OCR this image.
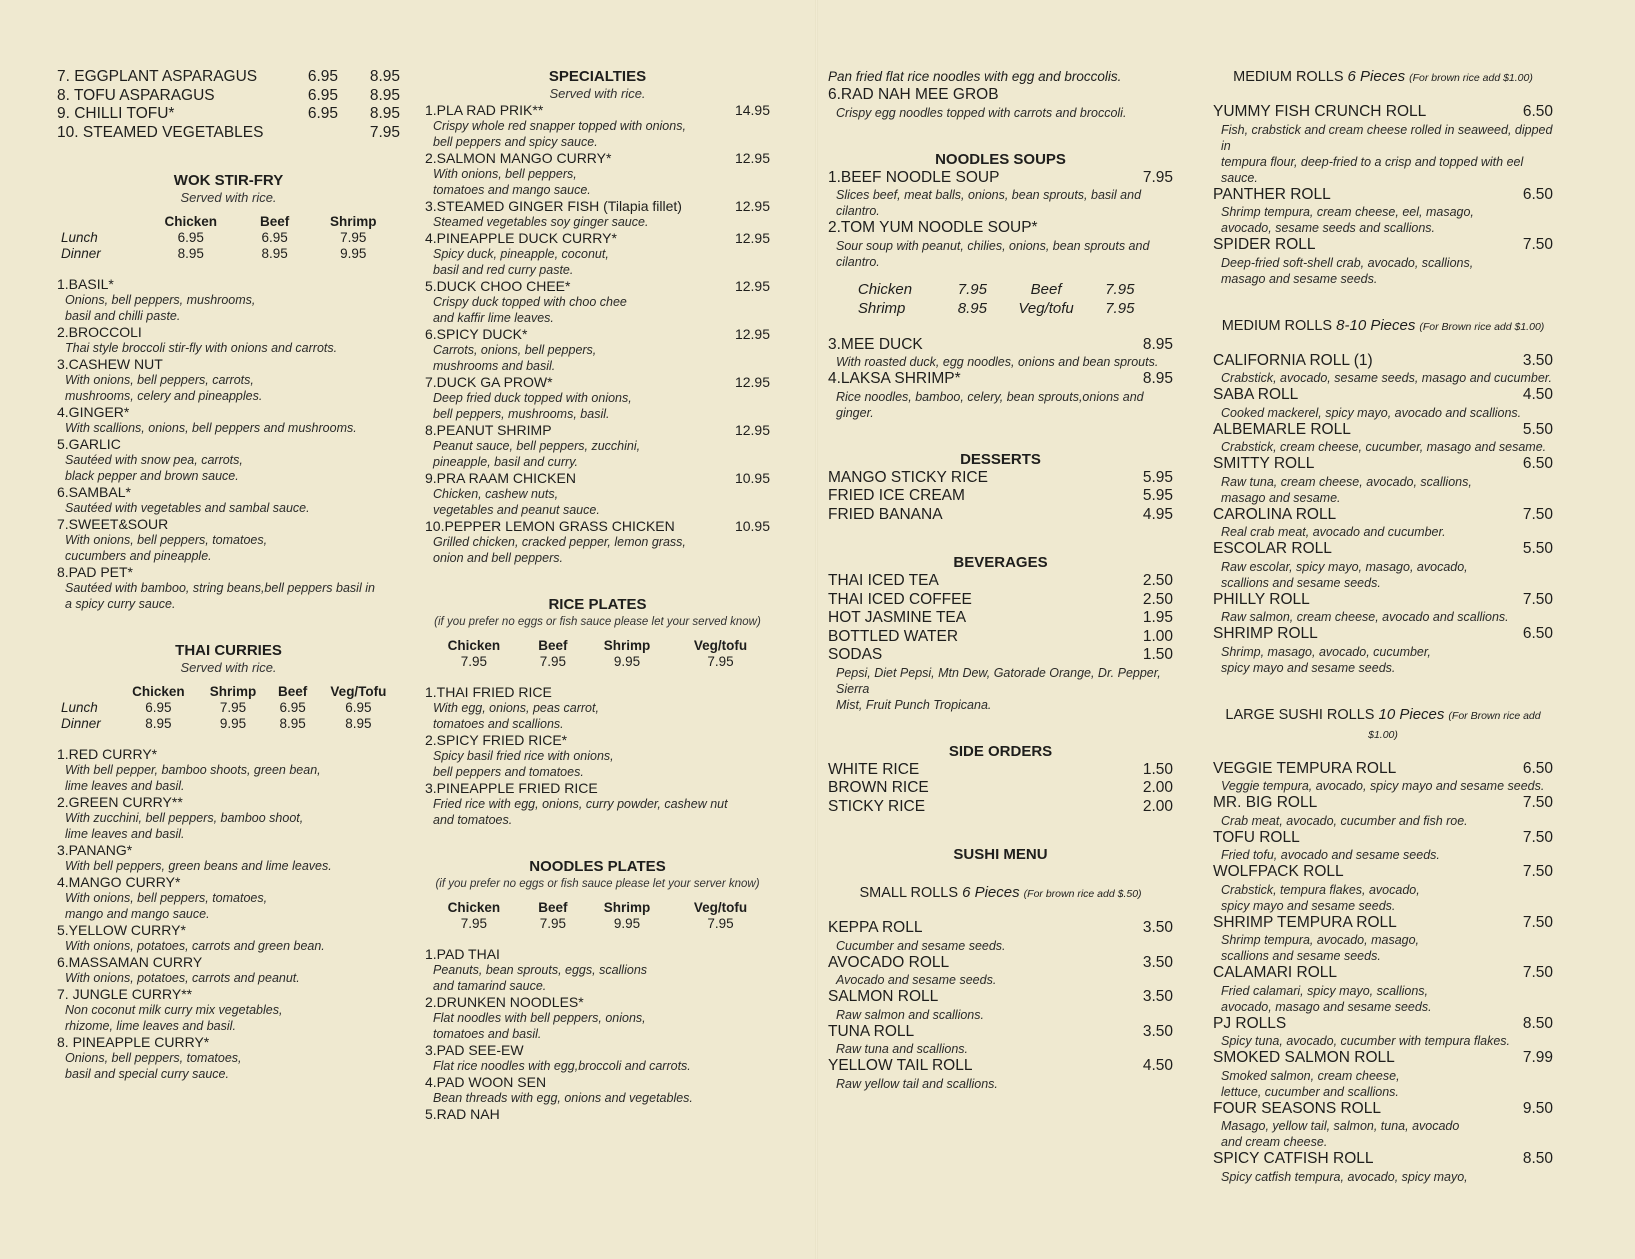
7. EGGPLANT ASPARAGUS	6.95	8.95
8. TOFU ASPARAGUS	6.95	8.95
9. CHILLI TOFU*	6.95	8.95
10. STEAMED VEGETABLES	7.95
WOK STIR-FRY
Served with rice.
	Chicken	Beef	Shrimp
Lunch	6.95	6.95	7.95
Dinner	8.95	8.95	9.95
1.BASIL*
Onions, bell peppers, mushrooms,
basil and chilli paste.
2.BROCCOLI
Thai style broccoli stir-fly with onions and carrots.
3.CASHEW NUT
With onions, bell peppers, carrots,
mushrooms, celery and pineapples.
4.GINGER*
With scallions, onions, bell peppers and mushrooms.
5.GARLIC
Sautéed with snow pea, carrots,
black pepper and brown sauce.
6.SAMBAL*
Sautéed with vegetables and sambal sauce.
7.SWEET&SOUR
With onions, bell peppers, tomatoes,
cucumbers and pineapple.
8.PAD PET*
Sautéed with bamboo, string beans,bell peppers basil in
a spicy curry sauce.
THAI CURRIES
Served with rice.
	Chicken	Shrimp	Beef	Veg/Tofu
Lunch	6.95	7.95	6.95	6.95
Dinner	8.95	9.95	8.95	8.95
1.RED CURRY*
With bell pepper, bamboo shoots, green bean,
lime leaves and basil.
2.GREEN CURRY**
With zucchini, bell peppers, bamboo shoot,
lime leaves and basil.
3.PANANG*
With bell peppers, green beans and lime leaves.
4.MANGO CURRY*
With onions, bell peppers, tomatoes,
mango and mango sauce.
5.YELLOW CURRY*
With onions, potatoes, carrots and green bean.
6.MASSAMAN CURRY
With onions, potatoes, carrots and peanut.
7. JUNGLE CURRY**
Non coconut milk curry mix vegetables,
rhizome, lime leaves and basil.
8. PINEAPPLE CURRY*
Onions, bell peppers, tomatoes,
basil and special curry sauce.
SPECIALTIES
Served with rice.
1.PLA RAD PRIK**	14.95
Crispy whole red snapper topped with onions,
bell peppers and spicy sauce.
2.SALMON MANGO CURRY*	12.95
With onions, bell peppers,
tomatoes and mango sauce.
3.STEAMED GINGER FISH (Tilapia fillet)	12.95
Steamed vegetables soy ginger sauce.
4.PINEAPPLE DUCK CURRY*	12.95
Spicy duck, pineapple, coconut,
basil and red curry paste.
5.DUCK CHOO CHEE*	12.95
Crispy duck topped with choo chee
and kaffir lime leaves.
6.SPICY DUCK*	12.95
Carrots, onions, bell peppers,
mushrooms and basil.
7.DUCK GA PROW*	12.95
Deep fried duck topped with onions,
bell peppers, mushrooms, basil.
8.PEANUT SHRIMP	12.95
Peanut sauce, bell peppers, zucchini,
pineapple, basil and curry.
9.PRA RAAM CHICKEN	10.95
Chicken, cashew nuts,
vegetables and peanut sauce.
10.PEPPER LEMON GRASS CHICKEN	10.95
Grilled chicken, cracked pepper, lemon grass,
onion and bell peppers.
RICE PLATES
(if you prefer no eggs or fish sauce please let your served know)
Chicken	Beef	Shrimp	Veg/tofu
7.95	7.95	9.95	7.95
1.THAI FRIED RICE
With egg, onions, peas carrot,
tomatoes and scallions.
2.SPICY FRIED RICE*
Spicy basil fried rice with onions,
bell peppers and tomatoes.
3.PINEAPPLE FRIED RICE
Fried rice with egg, onions, curry powder, cashew nut
and tomatoes.
NOODLES PLATES
(if you prefer no eggs or fish sauce please let your server know)
Chicken	Beef	Shrimp	Veg/tofu
7.95	7.95	9.95	7.95
1.PAD THAI
Peanuts, bean sprouts, eggs, scallions
and tamarind sauce.
2.DRUNKEN NOODLES*
Flat noodles with bell peppers, onions,
tomatoes and basil.
3.PAD SEE-EW
Flat rice noodles with egg,broccoli and carrots.
4.PAD WOON SEN
Bean threads with egg, onions and vegetables.
5.RAD NAH
Pan fried flat rice noodles with egg and broccolis.
6.RAD NAH MEE GROB
Crispy egg noodles topped with carrots and broccoli.
NOODLES SOUPS
1.BEEF NOODLE SOUP	7.95
Slices beef, meat balls, onions, bean sprouts, basil and cilantro.
2.TOM YUM NOODLE SOUP*
Sour soup with peanut, chilies, onions, bean sprouts and cilantro.
Chicken	7.95	Beef	7.95
Shrimp	8.95	Veg/tofu	7.95
3.MEE DUCK	8.95
With roasted duck, egg noodles, onions and bean sprouts.
4.LAKSA SHRIMP*	8.95
Rice noodles, bamboo, celery, bean sprouts,onions and ginger.
DESSERTS
MANGO STICKY RICE	5.95
FRIED ICE CREAM	5.95
FRIED BANANA	4.95
BEVERAGES
THAI ICED TEA	2.50
THAI ICED COFFEE	2.50
HOT JASMINE TEA	1.95
BOTTLED WATER	1.00
SODAS	1.50
Pepsi, Diet Pepsi, Mtn Dew, Gatorade Orange, Dr. Pepper, Sierra
Mist, Fruit Punch Tropicana.
SIDE ORDERS
WHITE RICE	1.50
BROWN RICE	2.00
STICKY RICE	2.00
SUSHI MENU
SMALL ROLLS 6 Pieces (For brown rice add $.50)
KEPPA ROLL	3.50
Cucumber and sesame seeds.
AVOCADO ROLL	3.50
Avocado and sesame seeds.
SALMON ROLL	3.50
Raw salmon and scallions.
TUNA ROLL	3.50
Raw tuna and scallions.
YELLOW TAIL ROLL	4.50
Raw yellow tail and scallions.
MEDIUM ROLLS 6 Pieces (For brown rice add $1.00)
YUMMY FISH CRUNCH ROLL	6.50
Fish, crabstick and cream cheese rolled in seaweed, dipped in
tempura flour, deep-fried to a crisp and topped with eel sauce.
PANTHER ROLL	6.50
Shrimp tempura, cream cheese, eel, masago,
avocado, sesame seeds and scallions.
SPIDER ROLL	7.50
Deep-fried soft-shell crab, avocado, scallions,
masago and sesame seeds.
MEDIUM ROLLS 8-10 Pieces (For Brown rice add $1.00)
CALIFORNIA ROLL (1)	3.50
Crabstick, avocado, sesame seeds, masago and cucumber.
SABA ROLL	4.50
Cooked mackerel, spicy mayo, avocado and scallions.
ALBEMARLE ROLL	5.50
Crabstick, cream cheese, cucumber, masago and sesame.
SMITTY ROLL	6.50
Raw tuna, cream cheese, avocado, scallions,
masago and sesame.
CAROLINA ROLL	7.50
Real crab meat, avocado and cucumber.
ESCOLAR ROLL	5.50
Raw escolar, spicy mayo, masago, avocado,
scallions and sesame seeds.
PHILLY ROLL	7.50
Raw salmon, cream cheese, avocado and scallions.
SHRIMP ROLL	6.50
Shrimp, masago, avocado, cucumber,
spicy mayo and sesame seeds.
LARGE SUSHI ROLLS 10 Pieces (For Brown rice add $1.00)
VEGGIE TEMPURA ROLL	6.50
Veggie tempura, avocado, spicy mayo and sesame seeds.
MR. BIG ROLL	7.50
Crab meat, avocado, cucumber and fish roe.
TOFU ROLL	7.50
Fried tofu, avocado and sesame seeds.
WOLFPACK ROLL	7.50
Crabstick, tempura flakes, avocado,
spicy mayo and sesame seeds.
SHRIMP TEMPURA ROLL	7.50
Shrimp tempura, avocado, masago,
scallions and sesame seeds.
CALAMARI ROLL	7.50
Fried calamari, spicy mayo, scallions,
avocado, masago and sesame seeds.
PJ ROLLS	8.50
Spicy tuna, avocado, cucumber with tempura flakes.
SMOKED SALMON ROLL	7.99
Smoked salmon, cream cheese,
lettuce, cucumber and scallions.
FOUR SEASONS ROLL	9.50
Masago, yellow tail, salmon, tuna, avocado
and cream cheese.
SPICY CATFISH ROLL	8.50
Spicy catfish tempura, avocado, spicy mayo,
